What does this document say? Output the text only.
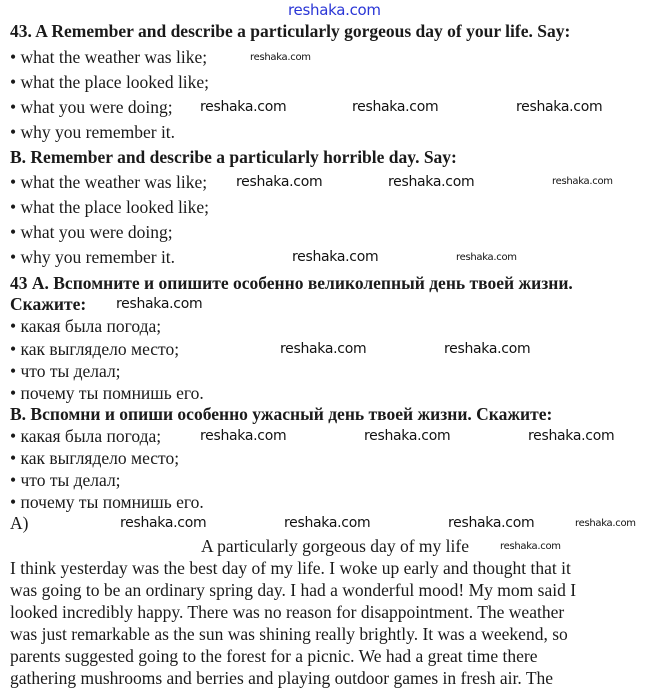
43. A Remember and describe a particularly gorgeous day of your life. Say:
• what the weather was like;
• what the place looked like;
• what you were doing;
• why you remember it.
B. Remember and describe a particularly horrible day. Say:
• what the weather was like;
• what the place looked like;
• what you were doing;
• why you remember it.
43 А. Вспомните и опишите особенно великолепный день твоей жизни.
Скажите:
• какая была погода;
• как выглядело место;
• что ты делал;
• почему ты помнишь его.
В. Вспомни и опиши особенно ужасный день твоей жизни. Скажите:
• какая была погода;
• как выглядело место;
• что ты делал;
• почему ты помнишь его.
A)
A particularly gorgeous day of my life
I think yesterday was the best day of my life. I woke up early and thought that it
was going to be an ordinary spring day. I had a wonderful mood! My mom said I
looked incredibly happy. There was no reason for disappointment. The weather
was just remarkable as the sun was shining really brightly. It was a weekend, so
parents suggested going to the forest for a picnic. We had a great time there
gathering mushrooms and berries and playing outdoor games in fresh air. The
reshaka.com
reshaka.com
reshaka.com	reshaka.com	reshaka.com
reshaka.com	reshaka.com	reshaka.com
reshaka.com	reshaka.com
reshaka.com
reshaka.com	reshaka.com
reshaka.com	reshaka.com	reshaka.com
reshaka.com	reshaka.com	reshaka.com	reshaka.com
reshaka.com
